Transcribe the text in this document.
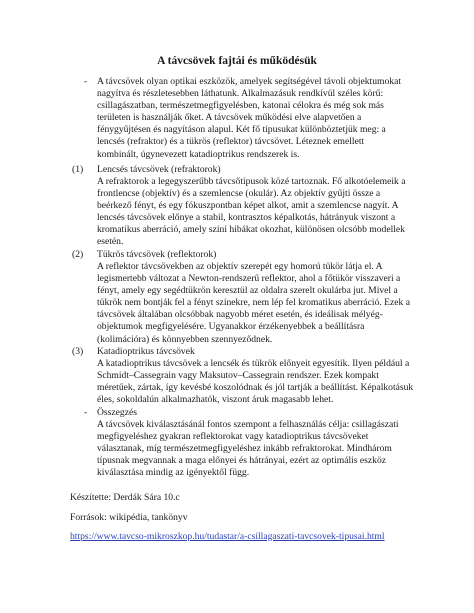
A távcsövek fajtái és működésük
- A távcsövek olyan optikai eszközök, amelyek segítségével távoli objektumokat
nagyítva és részletesebben láthatunk. Alkalmazásuk rendkívül széles körű:
csillagászatban, természetmegfigyelésben, katonai célokra és még sok más
területen is használják őket. A távcsövek működési elve alapvetően a
fénygyűjtésen és nagyításon alapul. Két fő típusukat különböztetjük meg: a
lencsés (refraktor) és a tükrös (reflektor) távcsövet. Léteznek emellett
kombinált, úgynevezett katadioptrikus rendszerek is.
(1) Lencsés távcsövek (refraktorok)
A refraktorok a legegyszerűbb távcsőtípusok közé tartoznak. Fő alkotóelemeik a
frontlencse (objektív) és a szemlencse (okulár). Az objektív gyűjti össze a
beérkező fényt, és egy fókuszpontban képet alkot, amit a szemlencse nagyít. A
lencsés távcsövek előnye a stabil, kontrasztos képalkotás, hátrányuk viszont a
kromatikus aberráció, amely színi hibákat okozhat, különösen olcsóbb modellek
esetén.
(2) Tükrös távcsövek (reflektorok)
A reflektor távcsövekben az objektív szerepét egy homorú tükör látja el. A
legismertebb változat a Newton-rendszerű reflektor, ahol a főtükör visszaveri a
fényt, amely egy segédtükrön keresztül az oldalra szerelt okulárba jut. Mivel a
tükrök nem bontják fel a fényt színekre, nem lép fel kromatikus aberráció. Ezek a
távcsövek általában olcsóbbak nagyobb méret esetén, és ideálisak mélyég-
objektumok megfigyelésére. Ugyanakkor érzékenyebbek a beállításra
(kolimációra) és könnyebben szennyeződnek.
(3) Katadioptrikus távcsövek
A katadioptrikus távcsövek a lencsék és tükrök előnyeit egyesítik. Ilyen például a
Schmidt–Cassegrain vagy Maksutov–Cassegrain rendszer. Ezek kompakt
méretűek, zártak, így kevésbé koszolódnak és jól tartják a beállítást. Képalkotásuk
éles, sokoldalún alkalmazhatók, viszont áruk magasabb lehet.
- Összegzés
A távcsövek kiválasztásánál fontos szempont a felhasználás célja: csillagászati
megfigyeléshez gyakran reflektorokat vagy katadioptrikus távcsöveket
választanak, míg természetmegfigyeléshez inkább refraktorokat. Mindhárom
típusnak megvannak a maga előnyei és hátrányai, ezért az optimális eszköz
kiválasztása mindig az igényektől függ.
Készítette: Derdák Sára 10.c
Források: wikipédia, tankönyv
https://www.tavcso-mikroszkop.hu/tudastar/a-csillagaszati-tavcsovek-tipusai.html
